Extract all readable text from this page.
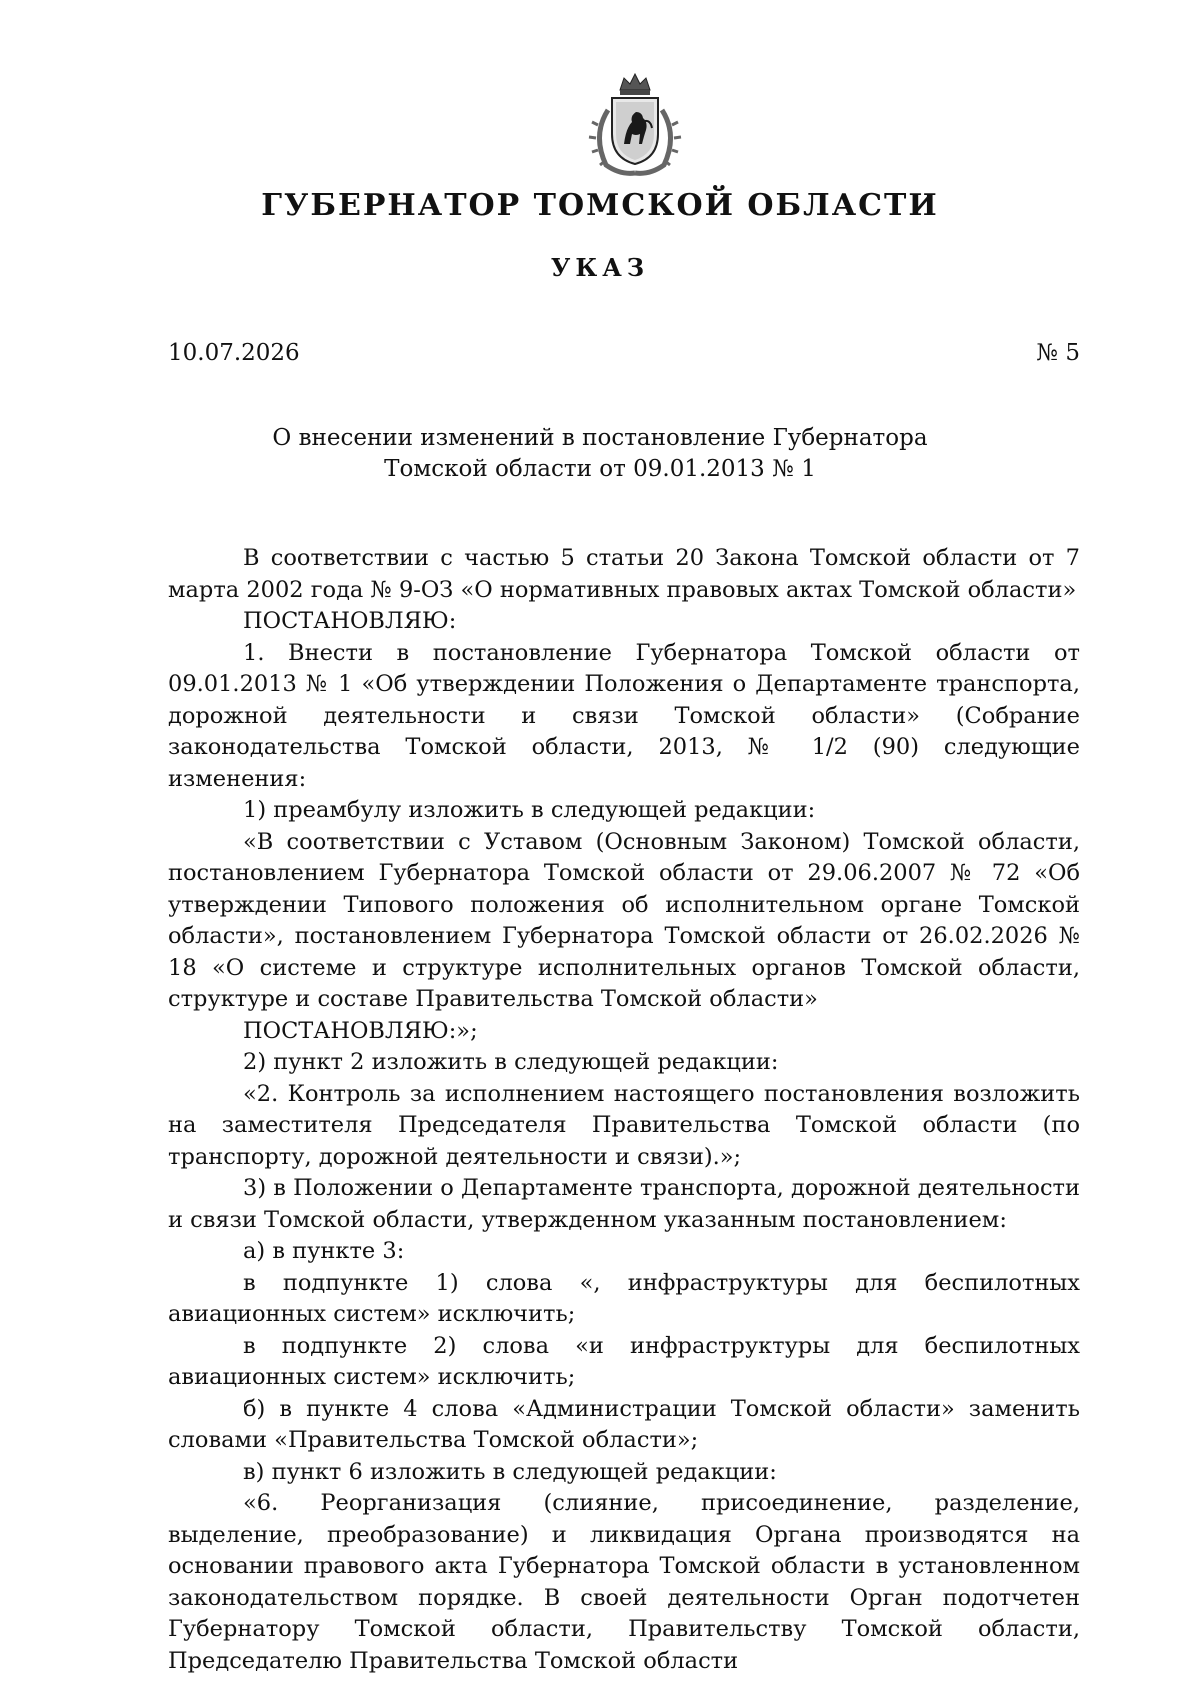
ГУБЕРНАТОР ТОМСКОЙ ОБЛАСТИ
УКАЗ
10.07.2026	№ 5
О внесении изменений в постановление Губернатора
Томской области от 09.01.2013 № 1

В соответствии с частью 5 статьи 20 Закона Томской области от 7 марта 2002 года № 9-ОЗ «О нормативных правовых актах Томской области»

ПОСТАНОВЛЯЮ:

1. Внести в постановление Губернатора Томской области от 09.01.2013 № 1 «Об утверждении Положения о Департаменте транспорта, дорожной деятельности и связи Томской области» (Собрание законодательства Томской области, 2013, № 1/2 (90) следующие изменения:

1) преамбулу изложить в следующей редакции:

«В соответствии с Уставом (Основным Законом) Томской области, постановлением Губернатора Томской области от 29.06.2007 № 72 «Об утверждении Типового положения об исполнительном органе Томской области», постановлением Губернатора Томской области от 26.02.2026 № 18 «О системе и структуре исполнительных органов Томской области, структуре и составе Правительства Томской области»

ПОСТАНОВЛЯЮ:»;

2) пункт 2 изложить в следующей редакции:

«2. Контроль за исполнением настоящего постановления возложить на заместителя Председателя Правительства Томской области (по транспорту, дорожной деятельности и связи).»;

3) в Положении о Департаменте транспорта, дорожной деятельности и связи Томской области, утвержденном указанным постановлением:

а) в пункте 3:

в подпункте 1) слова «, инфраструктуры для беспилотных авиационных систем» исключить;

в подпункте 2) слова «и инфраструктуры для беспилотных авиационных систем» исключить;

б) в пункте 4 слова «Администрации Томской области» заменить словами «Правительства Томской области»;

в) пункт 6 изложить в следующей редакции:

«6. Реорганизация (слияние, присоединение, разделение, выделение, преобразование) и ликвидация Органа производятся на основании правового акта Губернатора Томской области в установленном законодательством порядке. В своей деятельности Орган подотчетен Губернатору Томской области, Правительству Томской области, Председателю Правительства Томской области
